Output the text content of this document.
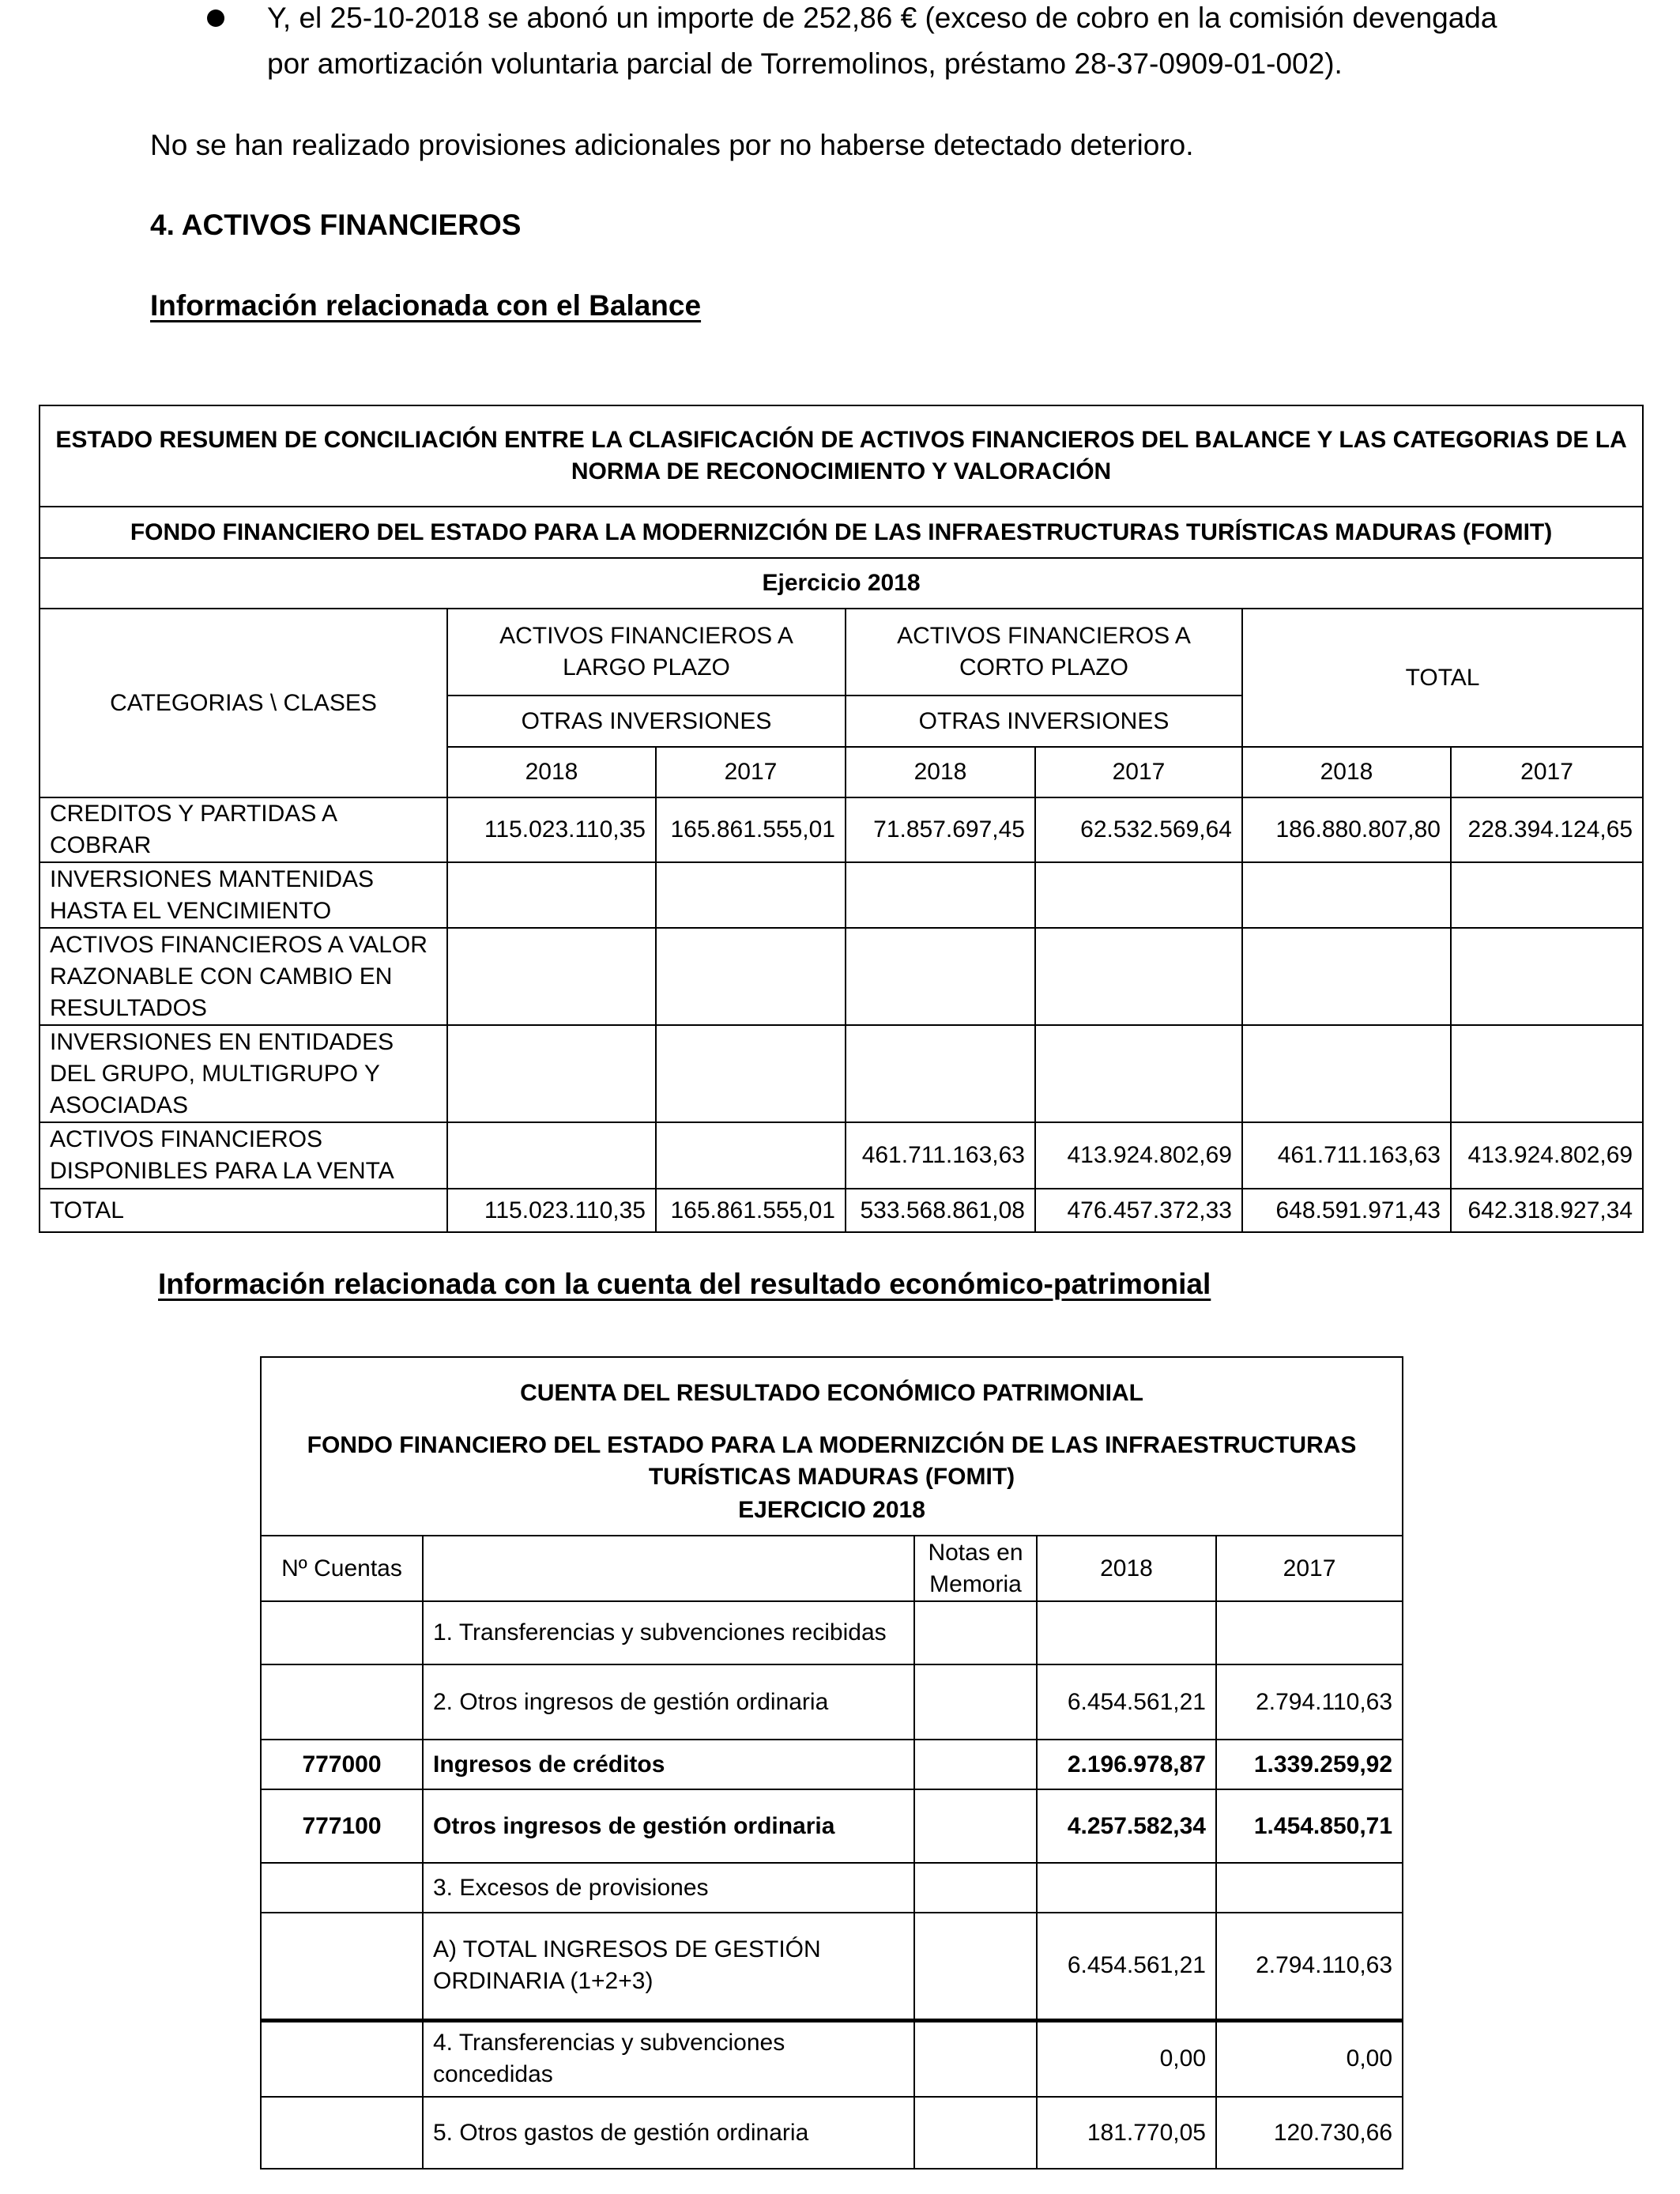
Y, el 25-10-2018 se abonó un importe de 252,86 € (exceso de cobro en la comisión devengada
por amortización voluntaria parcial de Torremolinos, préstamo 28-37-0909-01-002).
No se han realizado provisiones adicionales por no haberse detectado deterioro.
4. ACTIVOS FINANCIEROS
Información relacionada con el Balance
ESTADO RESUMEN DE CONCILIACIÓN ENTRE LA CLASIFICACIÓN DE ACTIVOS FINANCIEROS DEL BALANCE Y LAS CATEGORIAS DE LA NORMA DE RECONOCIMIENTO Y VALORACIÓN						
FONDO FINANCIERO DEL ESTADO PARA LA MODERNIZCIÓN DE LAS INFRAESTRUCTURAS TURÍSTICAS MADURAS (FOMIT)						
Ejercicio 2018						
CATEGORIAS \ CLASES	ACTIVOS FINANCIEROS A LARGO PLAZO		ACTIVOS FINANCIEROS A CORTO PLAZO		TOTAL	
	OTRAS INVERSIONES		OTRAS INVERSIONES			
	2018	2017	2018	2017	2018	2017
CREDITOS Y PARTIDAS A COBRAR	115.023.110,35	165.861.555,01	71.857.697,45	62.532.569,64	186.880.807,80	228.394.124,65
INVERSIONES MANTENIDAS HASTA EL VENCIMIENTO						
ACTIVOS FINANCIEROS A VALOR RAZONABLE CON CAMBIO EN RESULTADOS						
INVERSIONES EN ENTIDADES DEL GRUPO, MULTIGRUPO Y ASOCIADAS						
ACTIVOS FINANCIEROS DISPONIBLES PARA LA VENTA			461.711.163,63	413.924.802,69	461.711.163,63	413.924.802,69
TOTAL	115.023.110,35	165.861.555,01	533.568.861,08	476.457.372,33	648.591.971,43	642.318.927,34
Información relacionada con la cuenta del resultado económico-patrimonial
CUENTA DEL RESULTADO ECONÓMICO PATRIMONIAL				
FONDO FINANCIERO DEL ESTADO PARA LA MODERNIZCIÓN DE LAS INFRAESTRUCTURAS TURÍSTICAS MADURAS (FOMIT)				
EJERCICIO 2018				
Nº Cuentas		Notas en Memoria	2018	2017
	1. Transferencias y subvenciones recibidas			
	2. Otros ingresos de gestión ordinaria		6.454.561,21	2.794.110,63
777000	Ingresos de créditos		2.196.978,87	1.339.259,92
777100	Otros ingresos de gestión ordinaria		4.257.582,34	1.454.850,71
	3. Excesos de provisiones			
	A) TOTAL INGRESOS DE GESTIÓN ORDINARIA (1+2+3)		6.454.561,21	2.794.110,63
	4. Transferencias y subvenciones concedidas		0,00	0,00
	5. Otros gastos de gestión ordinaria		181.770,05	120.730,66
